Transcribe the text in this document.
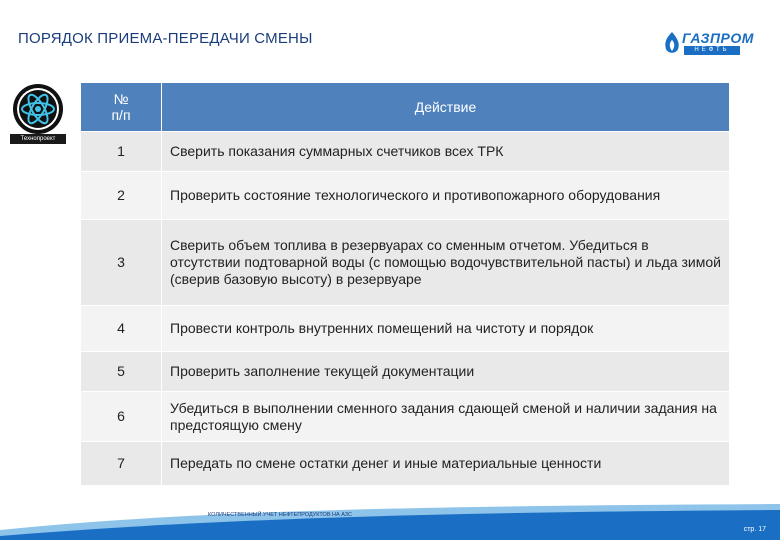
ПОРЯДОК ПРИЕМА-ПЕРЕДАЧИ СМЕНЫ	ГАЗПРОМ
НЕФТЬ
Технопроект
№
п/п	Действие
1	Сверить показания суммарных счетчиков всех ТРК
2	Проверить состояние технологического и противопожарного оборудования
3	Сверить объем топлива в резервуарах со сменным отчетом. Убедиться в отсутствии подтоварной воды (с помощью водочувствительной пасты) и льда зимой (сверив базовую высоту) в резервуаре
4	Провести контроль внутренних помещений на чистоту и порядок
5	Проверить заполнение текущей документации
6	Убедиться в выполнении сменного задания сдающей сменой и наличии задания на предстоящую смену
7	Передать по смене остатки денег и иные материальные ценности
КОЛИЧЕСТВЕННЫЙ УЧЕТ НЕФТЕПРОДУКТОВ НА АЗС
стр. 17
